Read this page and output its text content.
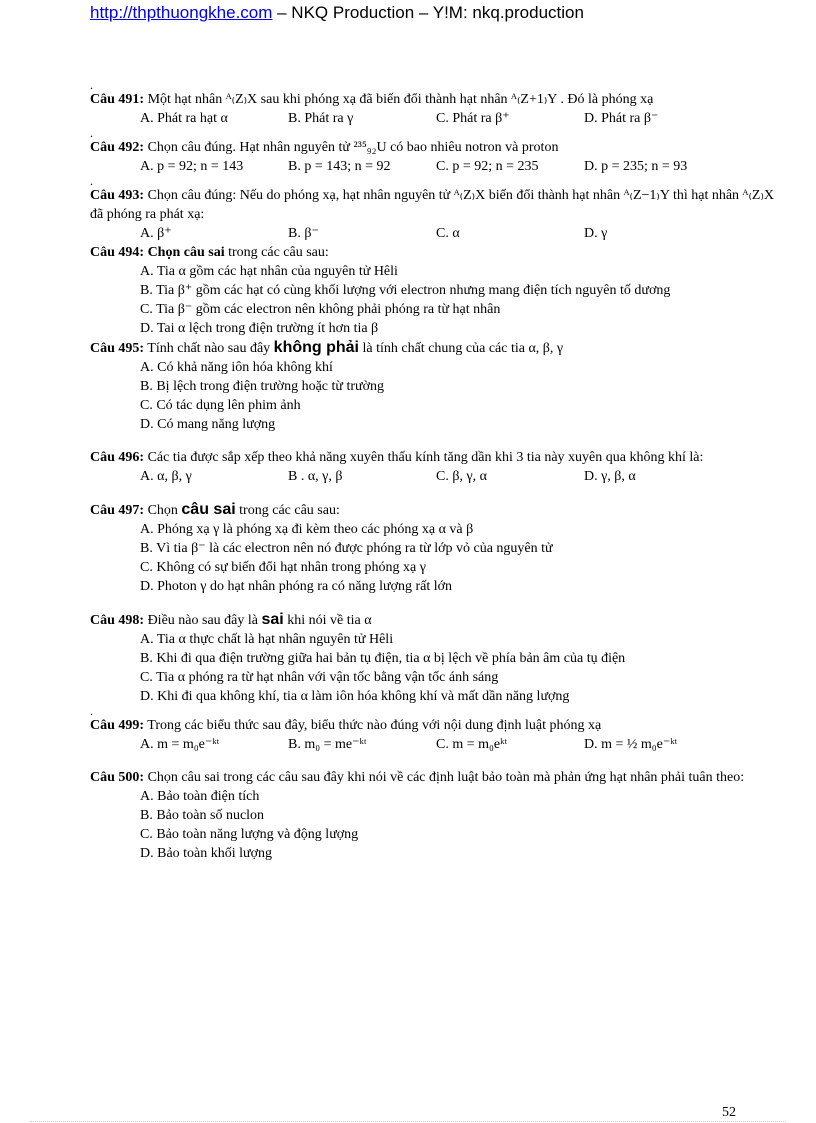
http://thpthuongkhe.com – NKQ Production – Y!M: nkq.production
.
Câu 491: Một hạt nhân ᴬ₍Z₎X sau khi phóng xạ đã biến đổi thành hạt nhân ᴬ₍Z+1₎Y . Đó là phóng xạ
A. Phát ra hạt α	B. Phát ra γ	C. Phát ra β⁺	D. Phát ra β⁻
.
Câu 492: Chọn câu đúng. Hạt nhân nguyên tử ²³⁵₉₂U có bao nhiêu notron và proton
A. p = 92; n = 143	B. p = 143; n = 92	C. p = 92; n = 235	D. p = 235; n = 93
.
Câu 493: Chọn câu đúng: Nếu do phóng xạ, hạt nhân nguyên tử ᴬ₍Z₎X biến đổi thành hạt nhân ᴬ₍Z−1₎Y thì hạt nhân ᴬ₍Z₎X đã phóng ra phát xạ:
A. β⁺	B. β⁻	C. α	D. γ
Câu 494: Chọn câu sai trong các câu sau:
A. Tia α gồm các hạt nhân của nguyên tử Hêli
B. Tia β⁺ gồm các hạt có cùng khối lượng với electron nhưng mang điện tích nguyên tố dương
C. Tia β⁻ gồm các electron nên không phải phóng ra từ hạt nhân
D. Tai α lệch trong điện trường ít hơn tia β
Câu 495: Tính chất nào sau đây không phải là tính chất chung của các tia α, β, γ
A. Có khả năng iôn hóa không khí
B. Bị lệch trong điện trường hoặc từ trường
C. Có tác dụng lên phim ảnh
D. Có mang năng lượng
Câu 496: Các tia được sắp xếp theo khả năng xuyên thấu kính tăng dần khi 3 tia này xuyên qua không khí là:
A. α, β, γ	B . α, γ, β	C. β, γ, α	D. γ, β, α
Câu 497: Chọn câu sai trong các câu sau:
A. Phóng xạ γ là phóng xạ đi kèm theo các phóng xạ α và β
B. Vì tia β⁻ là các electron nên nó được phóng ra từ lớp vỏ của nguyên tử
C. Không có sự biến đổi hạt nhân trong phóng xạ γ
D. Photon γ do hạt nhân phóng ra có năng lượng rất lớn
Câu 498: Điều nào sau đây là sai khi nói về tia α
A. Tia α thực chất là hạt nhân nguyên tử Hêli
B. Khi đi qua điện trường giữa hai bản tụ điện, tia α bị lệch về phía bản âm của tụ điện
C. Tia α phóng ra từ hạt nhân với vận tốc bằng vận tốc ánh sáng
D. Khi đi qua không khí, tia α làm iôn hóa không khí và mất dần năng lượng
.
Câu 499: Trong các biểu thức sau đây, biểu thức nào đúng với nội dung định luật phóng xạ
A. m = m₀e⁻ᵏᵗ	B. m₀ = me⁻ᵏᵗ	C. m = m₀eᵏᵗ	D. m = ½ m₀e⁻ᵏᵗ
Câu 500: Chọn câu sai trong các câu sau đây khi nói về các định luật bảo toàn mà phản ứng hạt nhân phải tuân theo:
A. Bảo toàn điện tích
B. Bảo toàn số nuclon
C. Bảo toàn năng lượng và động lượng
D. Bảo toàn khối lượng
52
